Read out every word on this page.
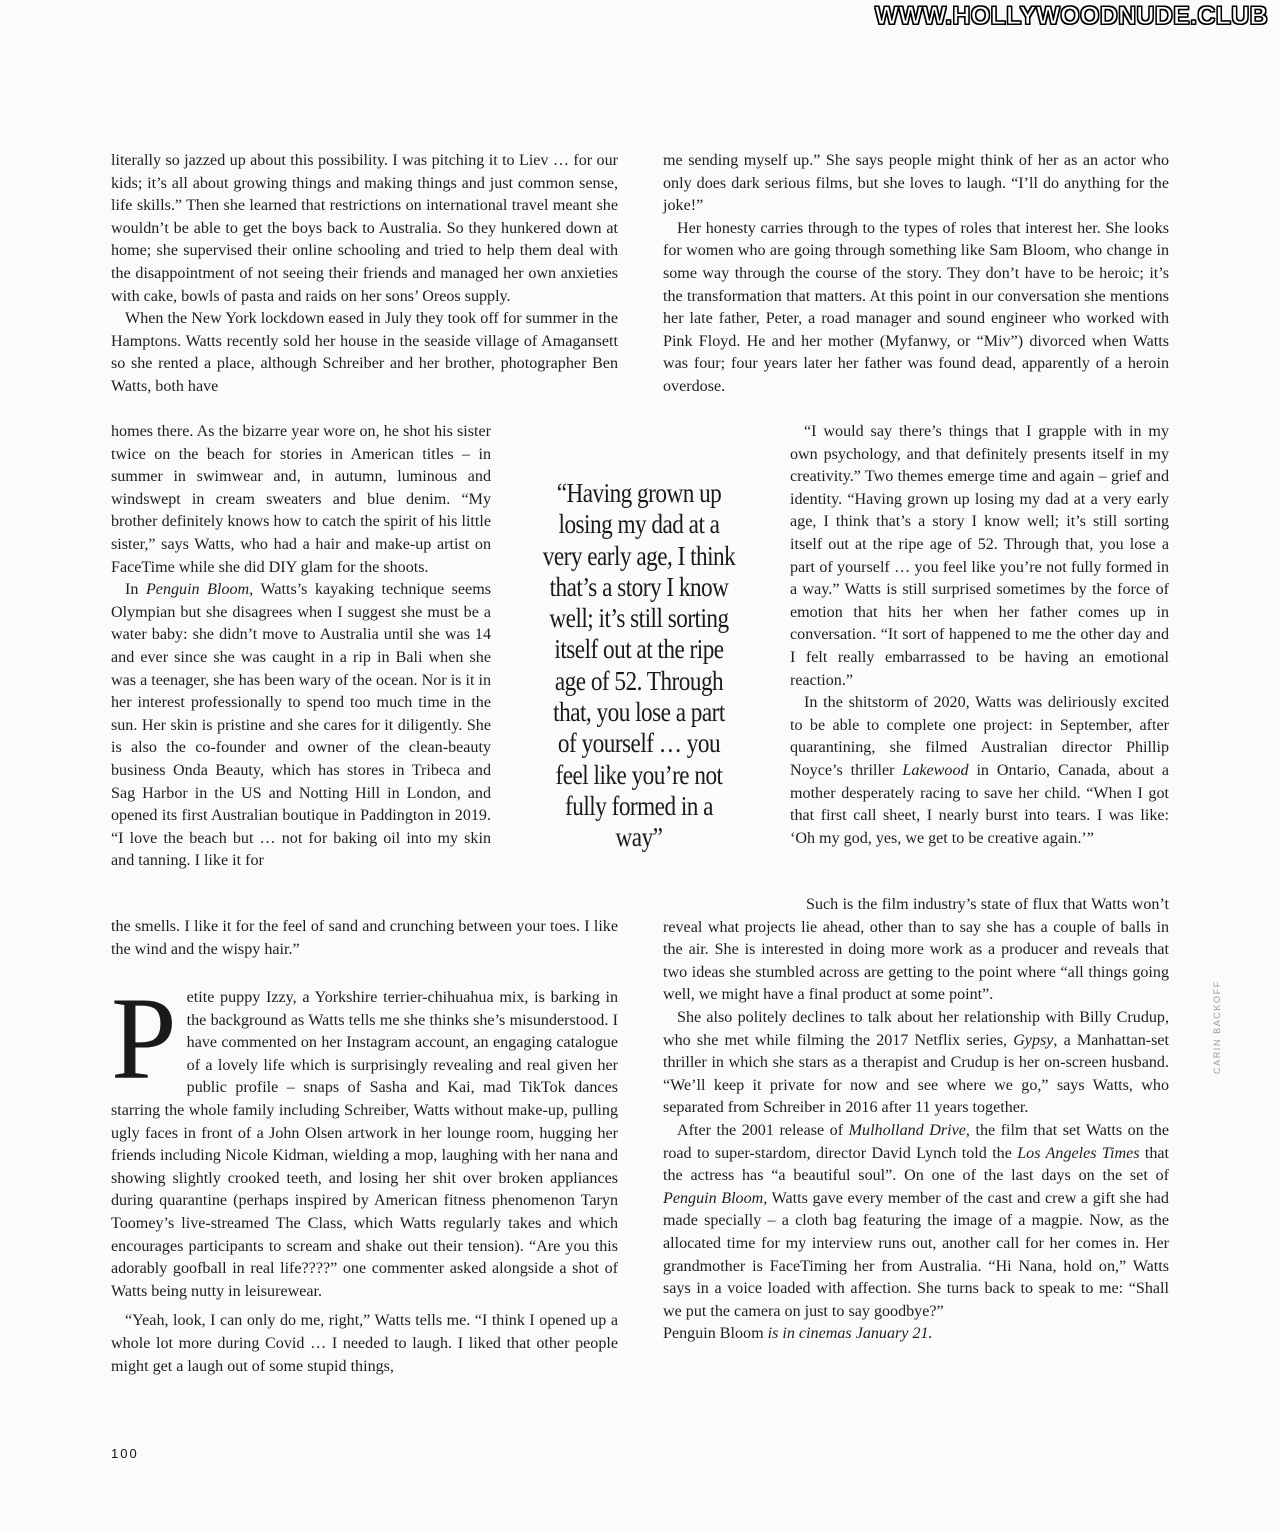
WWW.HOLLYWOODNUDE.CLUB

literally so jazzed up about this possibility. I was pitching it to Liev … for our kids; it’s all about growing things and making things and just common sense, life skills.” Then she learned that restrictions on international travel meant she wouldn’t be able to get the boys back to Australia. So they hunkered down at home; she supervised their online schooling and tried to help them deal with the disappointment of not seeing their friends and managed her own anxieties with cake, bowls of pasta and raids on her sons’ Oreos supply.

When the New York lockdown eased in July they took off for summer in the Hamptons. Watts recently sold her house in the seaside village of Amagansett so she rented a place, although Schreiber and her brother, photographer Ben Watts, both have

homes there. As the bizarre year wore on, he shot his sister twice on the beach for stories in American titles – in summer in swimwear and, in autumn, luminous and windswept in cream sweaters and blue denim. “My brother definitely knows how to catch the spirit of his little sister,” says Watts, who had a hair and make-up artist on FaceTime while she did DIY glam for the shoots.

In Penguin Bloom, Watts’s kayaking technique seems Olympian but she disagrees when I suggest she must be a water baby: she didn’t move to Australia until she was 14 and ever since she was caught in a rip in Bali when she was a teenager, she has been wary of the ocean. Nor is it in her interest professionally to spend too much time in the sun. Her skin is pristine and she cares for it diligently. She is also the co-founder and owner of the clean-beauty business Onda Beauty, which has stores in Tribeca and Sag Harbor in the US and Notting Hill in London, and opened its first Australian boutique in Paddington in 2019. “I love the beach but … not for baking oil into my skin and tanning. I like it for

the smells. I like it for the feel of sand and crunching between your toes. I like the wind and the wispy hair.”

Petite puppy Izzy, a Yorkshire terrier-chihuahua mix, is barking in the background as Watts tells me she thinks she’s misunderstood. I have commented on her Instagram account, an engaging catalogue of a lovely life which is surprisingly revealing and real given her public profile – snaps of Sasha and Kai, mad TikTok dances starring the whole family including Schreiber, Watts without make-up, pulling ugly faces in front of a John Olsen artwork in her lounge room, hugging her friends including Nicole Kidman, wielding a mop, laughing with her nana and showing slightly crooked teeth, and losing her shit over broken appliances during quarantine (perhaps inspired by American fitness phenomenon Taryn Toomey’s live-streamed The Class, which Watts regularly takes and which encourages participants to scream and shake out their tension). “Are you this adorably goofball in real life????” one commenter asked alongside a shot of Watts being nutty in leisurewear.

“Yeah, look, I can only do me, right,” Watts tells me. “I think I opened up a whole lot more during Covid … I needed to laugh. I liked that other people might get a laugh out of some stupid things,

“Having grown up losing my dad at a very early age, I think that’s a story I know well; it’s still sorting itself out at the ripe age of 52. Through that, you lose a part of yourself … you feel like you’re not fully formed in a way”

me sending myself up.” She says people might think of her as an actor who only does dark serious films, but she loves to laugh. “I’ll do anything for the joke!”

Her honesty carries through to the types of roles that interest her. She looks for women who are going through something like Sam Bloom, who change in some way through the course of the story. They don’t have to be heroic; it’s the transformation that matters. At this point in our conversation she mentions her late father, Peter, a road manager and sound engineer who worked with Pink Floyd. He and her mother (Myfanwy, or “Miv”) divorced when Watts was four; four years later her father was found dead, apparently of a heroin overdose.

“I would say there’s things that I grapple with in my own psychology, and that definitely presents itself in my creativity.” Two themes emerge time and again – grief and identity. “Having grown up losing my dad at a very early age, I think that’s a story I know well; it’s still sorting itself out at the ripe age of 52. Through that, you lose a part of yourself … you feel like you’re not fully formed in a way.” Watts is still surprised sometimes by the force of emotion that hits her when her father comes up in conversation. “It sort of happened to me the other day and I felt really embarrassed to be having an emotional reaction.”

In the shitstorm of 2020, Watts was deliriously excited to be able to complete one project: in September, after quarantining, she filmed Australian director Phillip Noyce’s thriller Lakewood in Ontario, Canada, about a mother desperately racing to save her child. “When I got that first call sheet, I nearly burst into tears. I was like: ‘Oh my god, yes, we get to be creative again.’”

Such is the film industry’s state of flux that Watts won’t reveal what projects lie ahead, other than to say she has a couple of balls in the air. She is interested in doing more work as a producer and reveals that two ideas she stumbled across are getting to the point where “all things going well, we might have a final product at some point”.

She also politely declines to talk about her relationship with Billy Crudup, who she met while filming the 2017 Netflix series, Gypsy, a Manhattan-set thriller in which she stars as a therapist and Crudup is her on-screen husband. “We’ll keep it private for now and see where we go,” says Watts, who separated from Schreiber in 2016 after 11 years together.

After the 2001 release of Mulholland Drive, the film that set Watts on the road to super-stardom, director David Lynch told the Los Angeles Times that the actress has “a beautiful soul”. On one of the last days on the set of Penguin Bloom, Watts gave every member of the cast and crew a gift she had made specially – a cloth bag featuring the image of a magpie. Now, as the allocated time for my interview runs out, another call for her comes in. Her grandmother is FaceTiming her from Australia. “Hi Nana, hold on,” Watts says in a voice loaded with affection. She turns back to speak to me: “Shall we put the camera on just to say goodbye?”

Penguin Bloom is in cinemas January 21.

100
CARIN BACKOFF
